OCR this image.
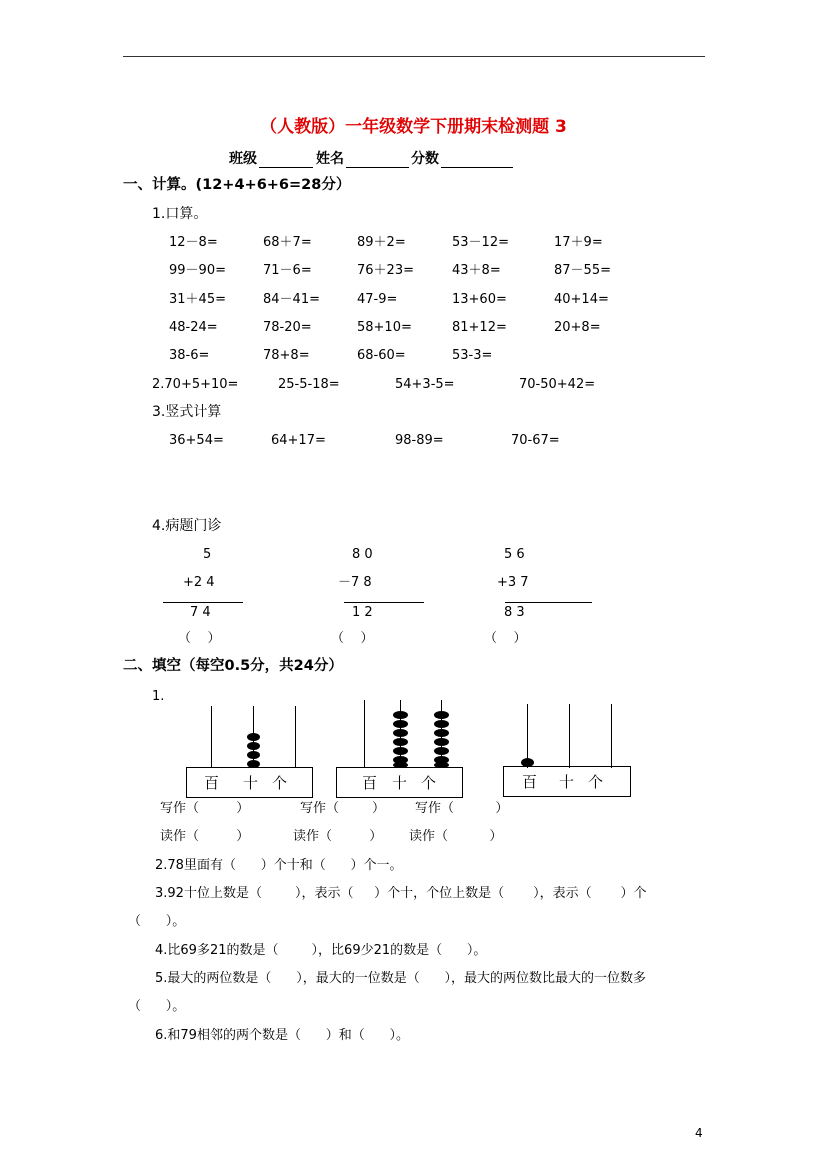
（人教版）一年级数学下册期末检测题 3
班级	姓名	分数
一、计算。(12+4+6+6=28分）
1.口算。
12－8=	68＋7=	89＋2=	53－12=	17＋9=
99－90=	71－6=	76＋23=	43＋8=	87－55=
31＋45=	84－41=	47-9=	13+60=	40+14=
48-24=	78-20=	58+10=	81+12=	20+8=
38-6=	78+8=	68-60=	53-3=
2.70+5+10=	25-5-18=	54+3-5=	70-50+42=
3.竖式计算
36+54=	64+17=	98-89=	70-67=
4.病题门诊
5
+2 4
7 4
（    ）
8 0
－7 8
1 2
（    ）
5 6
+3 7
8 3
（    ）
二、填空（每空0.5分，共24分）
1.
百 十 个	百 十 个	百 十 个
写作（         ）	写作（        ） 写作（          ）
读作（         ）	读作（         ） 读作（          ）
2.78里面有（      ）个十和（      ）个一。
3.92十位上数是（        ），表示（     ）个十，个位上数是（       ），表示（       ）个
（      ）。
4.比69多21的数是（        ），比69少21的数是（      ）。
5.最大的两位数是（      ），最大的一位数是（      ），最大的两位数比最大的一位数多
（      ）。
6.和79相邻的两个数是（      ）和（      ）。
4
